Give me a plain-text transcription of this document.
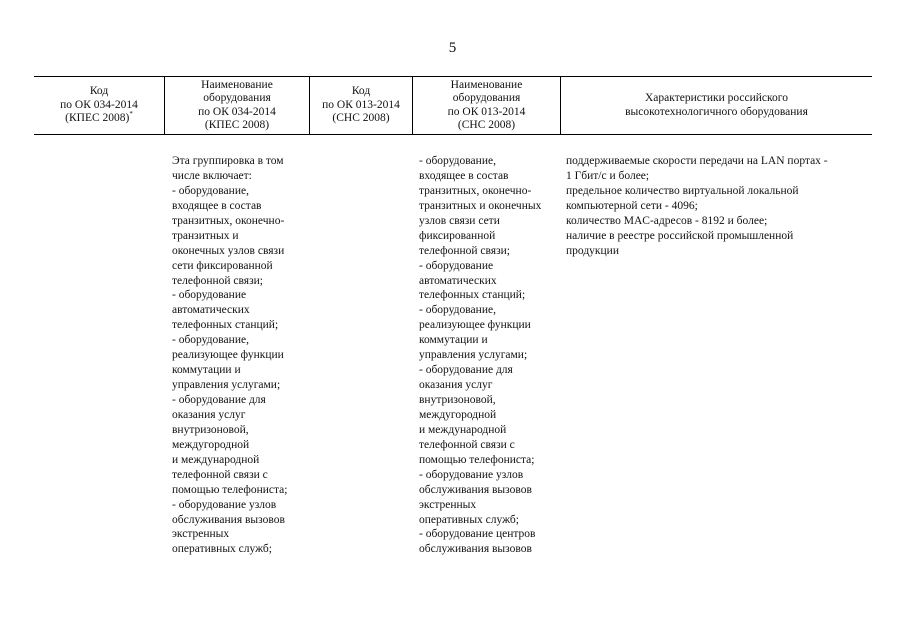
5
Код
по ОК 034-2014
(КПЕС 2008)*
Наименование
оборудования
по ОК 034-2014
(КПЕС 2008)
Код
по ОК 013-2014
(СНС 2008)
Наименование
оборудования
по ОК 013-2014
(СНС 2008)
Характеристики российского
высокотехнологичного оборудования
Эта группировка в том
числе включает:
- оборудование,
входящее в состав
транзитных, оконечно-
транзитных и
оконечных узлов связи
сети фиксированной
телефонной связи;
- оборудование
автоматических
телефонных станций;
- оборудование,
реализующее функции
коммутации и
управления услугами;
- оборудование для
оказания услуг
внутризоновой,
междугородной
и международной
телефонной связи с
помощью телефониста;
- оборудование узлов
обслуживания вызовов
экстренных
оперативных служб;
- оборудование,
входящее в состав
транзитных, оконечно-
транзитных и оконечных
узлов связи сети
фиксированной
телефонной связи;
- оборудование
автоматических
телефонных станций;
- оборудование,
реализующее функции
коммутации и
управления услугами;
- оборудование для
оказания услуг
внутризоновой,
междугородной
и международной
телефонной связи с
помощью телефониста;
- оборудование узлов
обслуживания вызовов
экстренных
оперативных служб;
- оборудование центров
обслуживания вызовов
поддерживаемые скорости передачи на LAN портах -
1 Гбит/с и более;
предельное количество виртуальной локальной
компьютерной сети - 4096;
количество MAC-адресов - 8192 и более;
наличие в реестре российской промышленной
продукции
